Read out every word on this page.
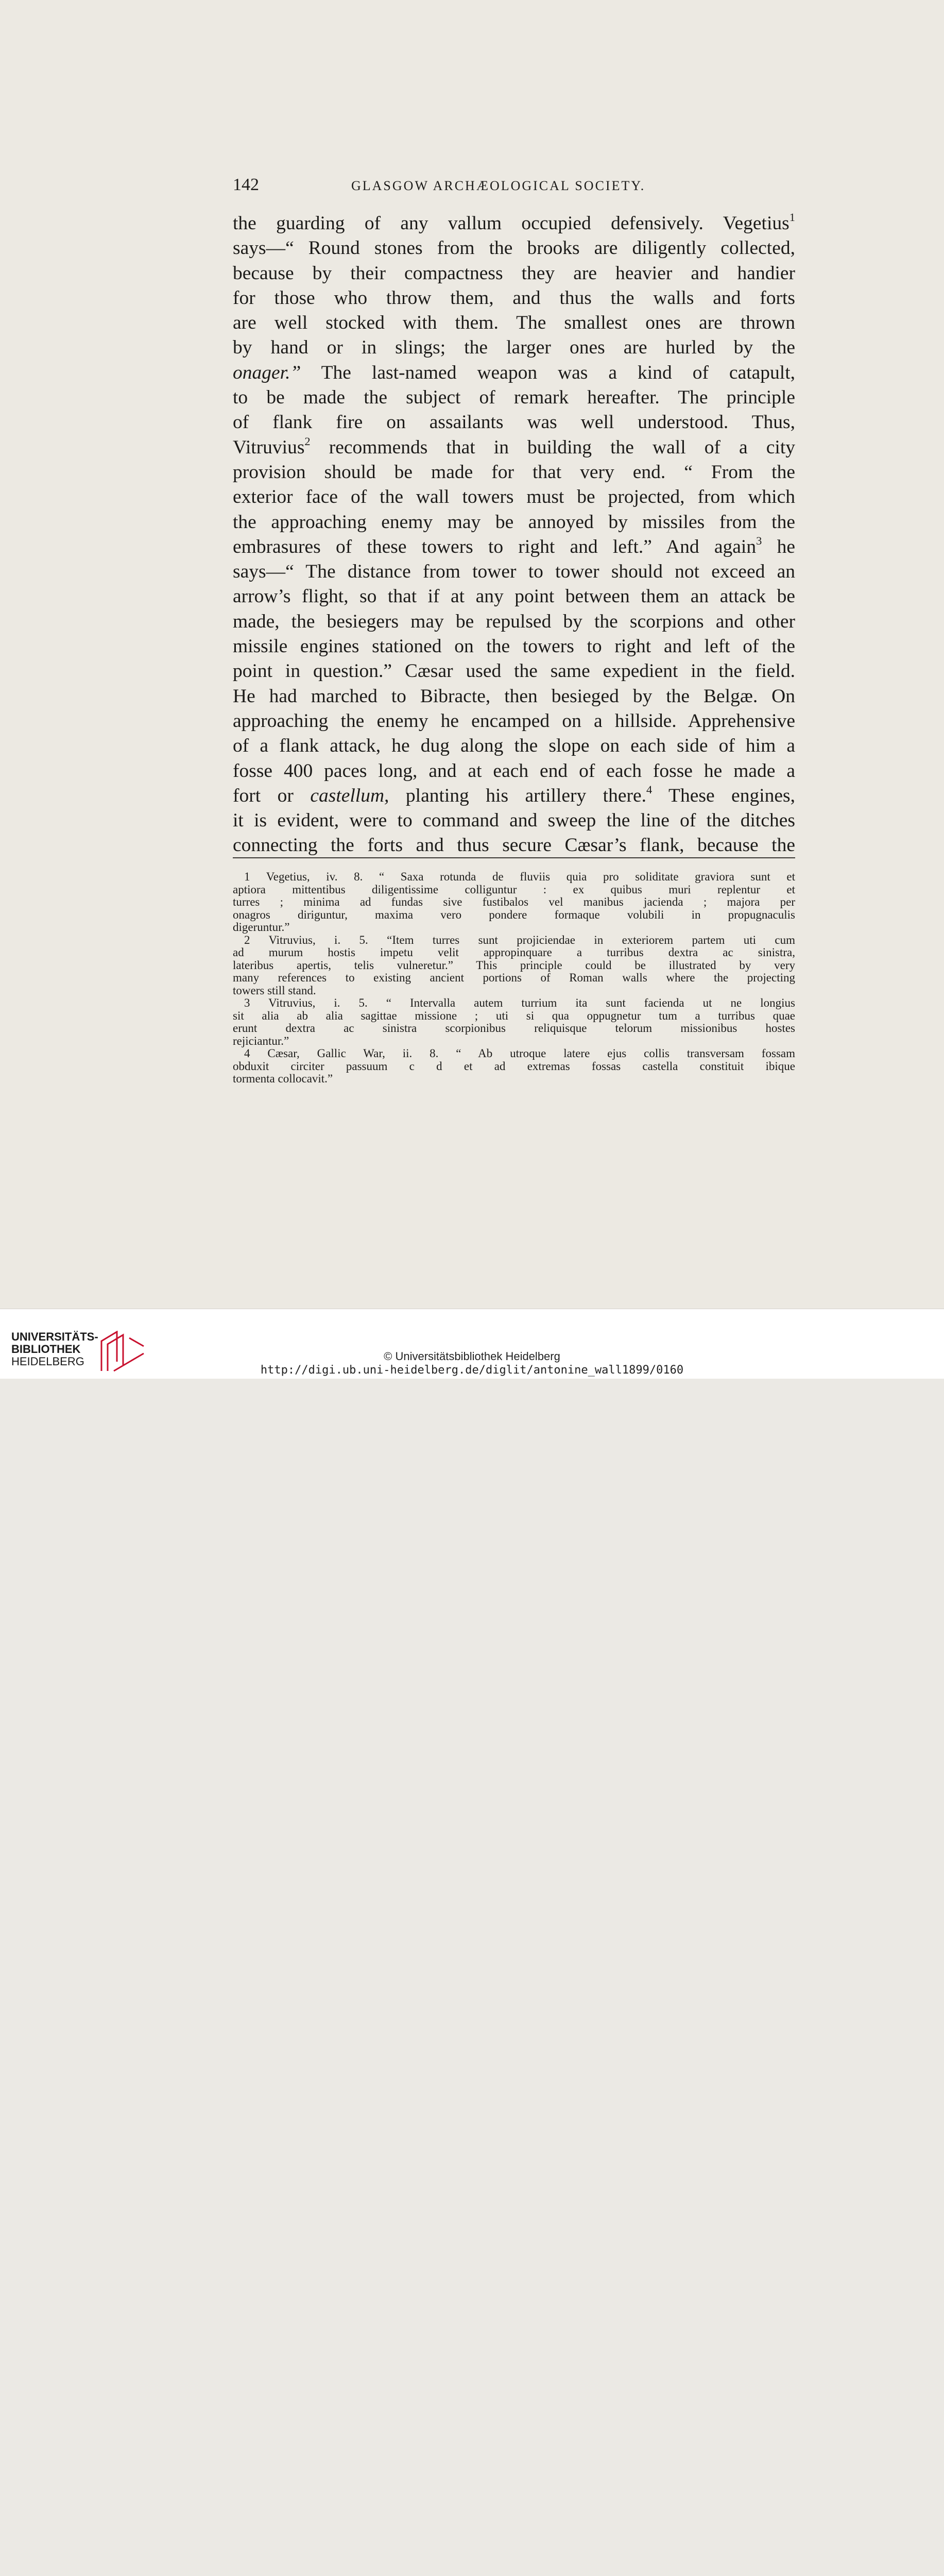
142	GLASGOW ARCHÆOLOGICAL SOCIETY.
the guarding of any vallum occupied defensively. Vegetius$^1$
says—“ Round stones from the brooks are diligently collected,
because by their compactness they are heavier and handier
for those who throw them, and thus the walls and forts
are well stocked with them. The smallest ones are thrown
by hand or in slings; the larger ones are hurled by the
onager.” The last-named weapon was a kind of catapult,
to be made the subject of remark hereafter. The principle
of flank fire on assailants was well understood. Thus,
Vitruvius$^2$ recommends that in building the wall of a city
provision should be made for that very end. “ From the
exterior face of the wall towers must be projected, from which
the approaching enemy may be annoyed by missiles from the
embrasures of these towers to right and left.” And again$^3$ he
says—“ The distance from tower to tower should not exceed an
arrow’s flight, so that if at any point between them an attack be
made, the besiegers may be repulsed by the scorpions and other
missile engines stationed on the towers to right and left of the
point in question.” Cæsar used the same expedient in the field.
He had marched to Bibracte, then besieged by the Belgæ. On
approaching the enemy he encamped on a hillside. Apprehensive
of a flank attack, he dug along the slope on each side of him a
fosse 400 paces long, and at each end of each fosse he made a
fort or castellum, planting his artillery there.$^4$ These engines,
it is evident, were to command and sweep the line of the ditches
connecting the forts and thus secure Cæsar’s flank, because the
1 Vegetius, iv. 8. “ Saxa rotunda de fluviis quia pro soliditate graviora sunt et
aptiora mittentibus diligentissime colliguntur : ex quibus muri replentur et
turres ; minima ad fundas sive fustibalos vel manibus jacienda ; majora per
onagros diriguntur, maxima vero pondere formaque volubili in propugnaculis
digeruntur.”
2 Vitruvius, i. 5. “Item turres sunt projiciendae in exteriorem partem uti cum
ad murum hostis impetu velit appropinquare a turribus dextra ac sinistra,
lateribus apertis, telis vulneretur.” This principle could be illustrated by very
many references to existing ancient portions of Roman walls where the projecting
towers still stand.
3 Vitruvius, i. 5. “ Intervalla autem turrium ita sunt facienda ut ne longius
sit alia ab alia sagittae missione ; uti si qua oppugnetur tum a turribus quae
erunt dextra ac sinistra scorpionibus reliquisque telorum missionibus hostes
rejiciantur.”
4 Cæsar, Gallic War, ii. 8. “ Ab utroque latere ejus collis transversam fossam
obduxit circiter passuum c d et ad extremas fossas castella constituit ibique
tormenta collocavit.”
UNIVERSITÄTS-
BIBLIOTHEK
HEIDELBERG	© Universitätsbibliothek Heidelberg
http://digi.ub.uni-heidelberg.de/diglit/antonine_wall1899/0160
